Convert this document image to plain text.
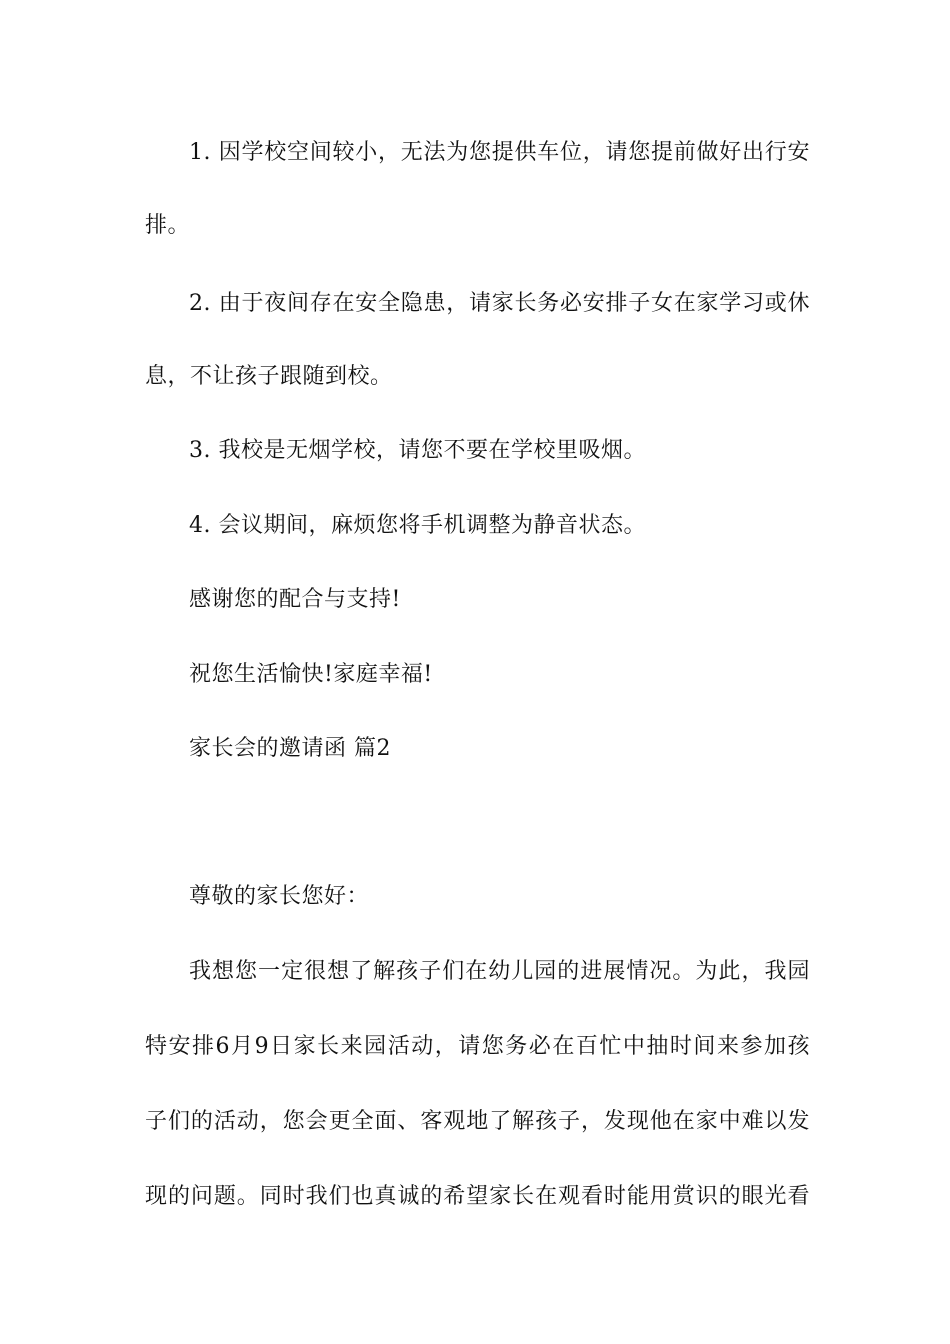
1. 因学校空间较小，无法为您提供车位，请您提前做好出行安
排。
2. 由于夜间存在安全隐患，请家长务必安排子女在家学习或休
息，不让孩子跟随到校。
3. 我校是无烟学校，请您不要在学校里吸烟。
4. 会议期间，麻烦您将手机调整为静音状态。
感谢您的配合与支持!
祝您生活愉快!家庭幸福!
家长会的邀请函 篇2
尊敬的家长您好：
我想您一定很想了解孩子们在幼儿园的进展情况。为此，我园
特安排6月9日家长来园活动，请您务必在百忙中抽时间来参加孩
子们的活动，您会更全面、客观地了解孩子，发现他在家中难以发
现的问题。同时我们也真诚的希望家长在观看时能用赏识的眼光看
